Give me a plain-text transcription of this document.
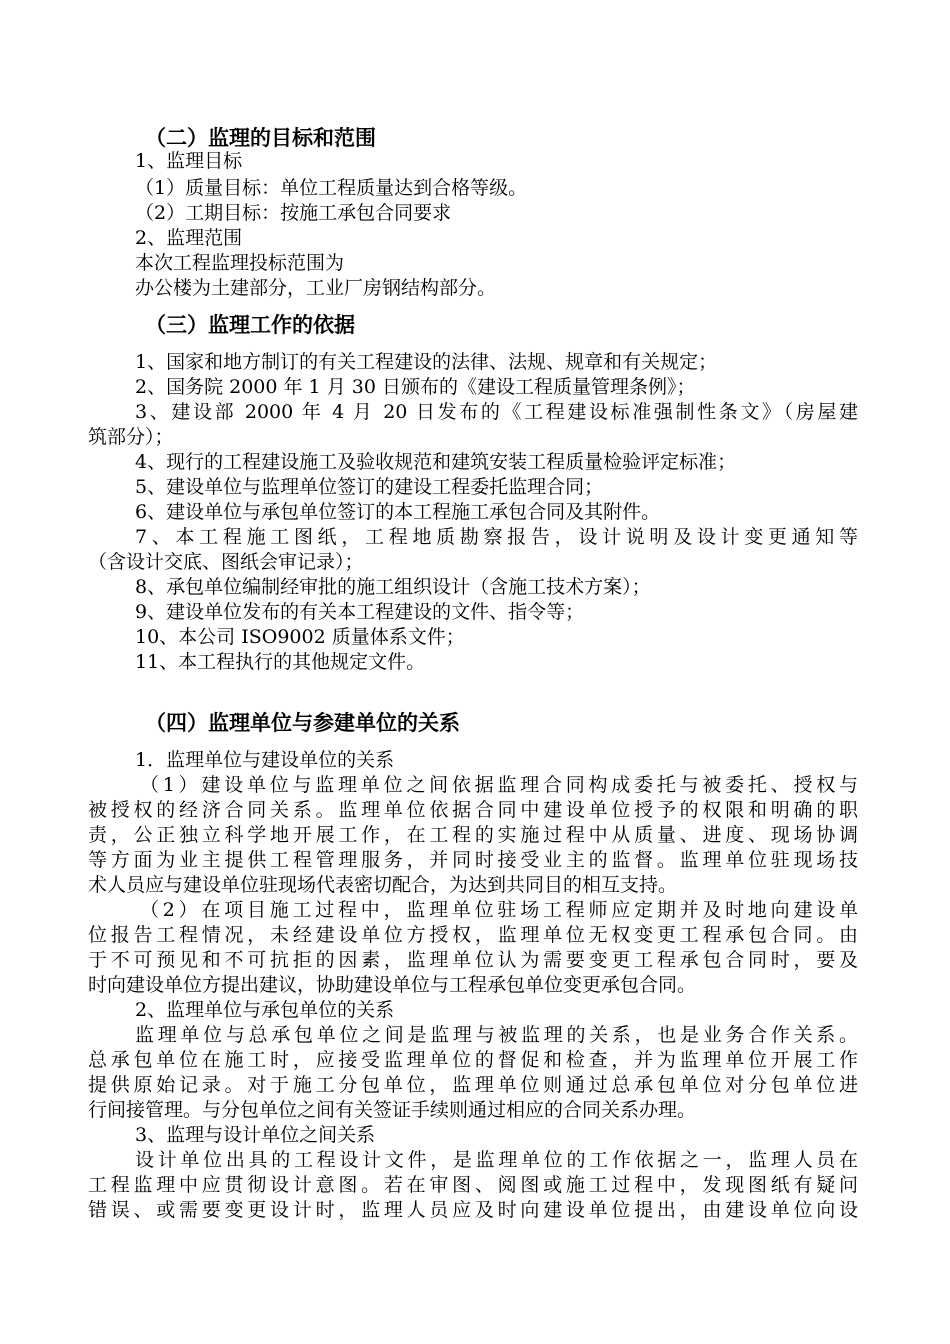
（二）监理的目标和范围
1、监理目标
（1）质量目标：单位工程质量达到合格等级。
（2）工期目标：按施工承包合同要求
2、监理范围
本次工程监理投标范围为
办公楼为土建部分，工业厂房钢结构部分。
（三）监理工作的依据
1、国家和地方制订的有关工程建设的法律、法规、规章和有关规定；
2、国务院 2000 年 1 月 30 日颁布的《建设工程质量管理条例》；
3、建设部 2000 年 4 月 20 日发布的《工程建设标准强制性条文》（房屋建
筑部分）；
4、现行的工程建设施工及验收规范和建筑安装工程质量检验评定标准；
5、建设单位与监理单位签订的建设工程委托监理合同；
6、建设单位与承包单位签订的本工程施工承包合同及其附件。
7、本工程施工图纸，工程地质勘察报告，设计说明及设计变更通知等
（含设计交底、图纸会审记录）；
8、承包单位编制经审批的施工组织设计（含施工技术方案）；
9、建设单位发布的有关本工程建设的文件、指令等；
10、本公司 ISO9002 质量体系文件；
11、本工程执行的其他规定文件。
（四）监理单位与参建单位的关系
1．监理单位与建设单位的关系
（1）建设单位与监理单位之间依据监理合同构成委托与被委托、授权与
被授权的经济合同关系。监理单位依据合同中建设单位授予的权限和明确的职
责，公正独立科学地开展工作，在工程的实施过程中从质量、进度、现场协调
等方面为业主提供工程管理服务，并同时接受业主的监督。监理单位驻现场技
术人员应与建设单位驻现场代表密切配合，为达到共同目的相互支持。
（2）在项目施工过程中，监理单位驻场工程师应定期并及时地向建设单
位报告工程情况，未经建设单位方授权，监理单位无权变更工程承包合同。由
于不可预见和不可抗拒的因素，监理单位认为需要变更工程承包合同时，要及
时向建设单位方提出建议，协助建设单位与工程承包单位变更承包合同。
2、监理单位与承包单位的关系
监理单位与总承包单位之间是监理与被监理的关系，也是业务合作关系。
总承包单位在施工时，应接受监理单位的督促和检查，并为监理单位开展工作
提供原始记录。对于施工分包单位，监理单位则通过总承包单位对分包单位进
行间接管理。与分包单位之间有关签证手续则通过相应的合同关系办理。
3、监理与设计单位之间关系
设计单位出具的工程设计文件，是监理单位的工作依据之一，监理人员在
工程监理中应贯彻设计意图。若在审图、阅图或施工过程中，发现图纸有疑问
错误、或需要变更设计时，监理人员应及时向建设单位提出，由建设单位向设
